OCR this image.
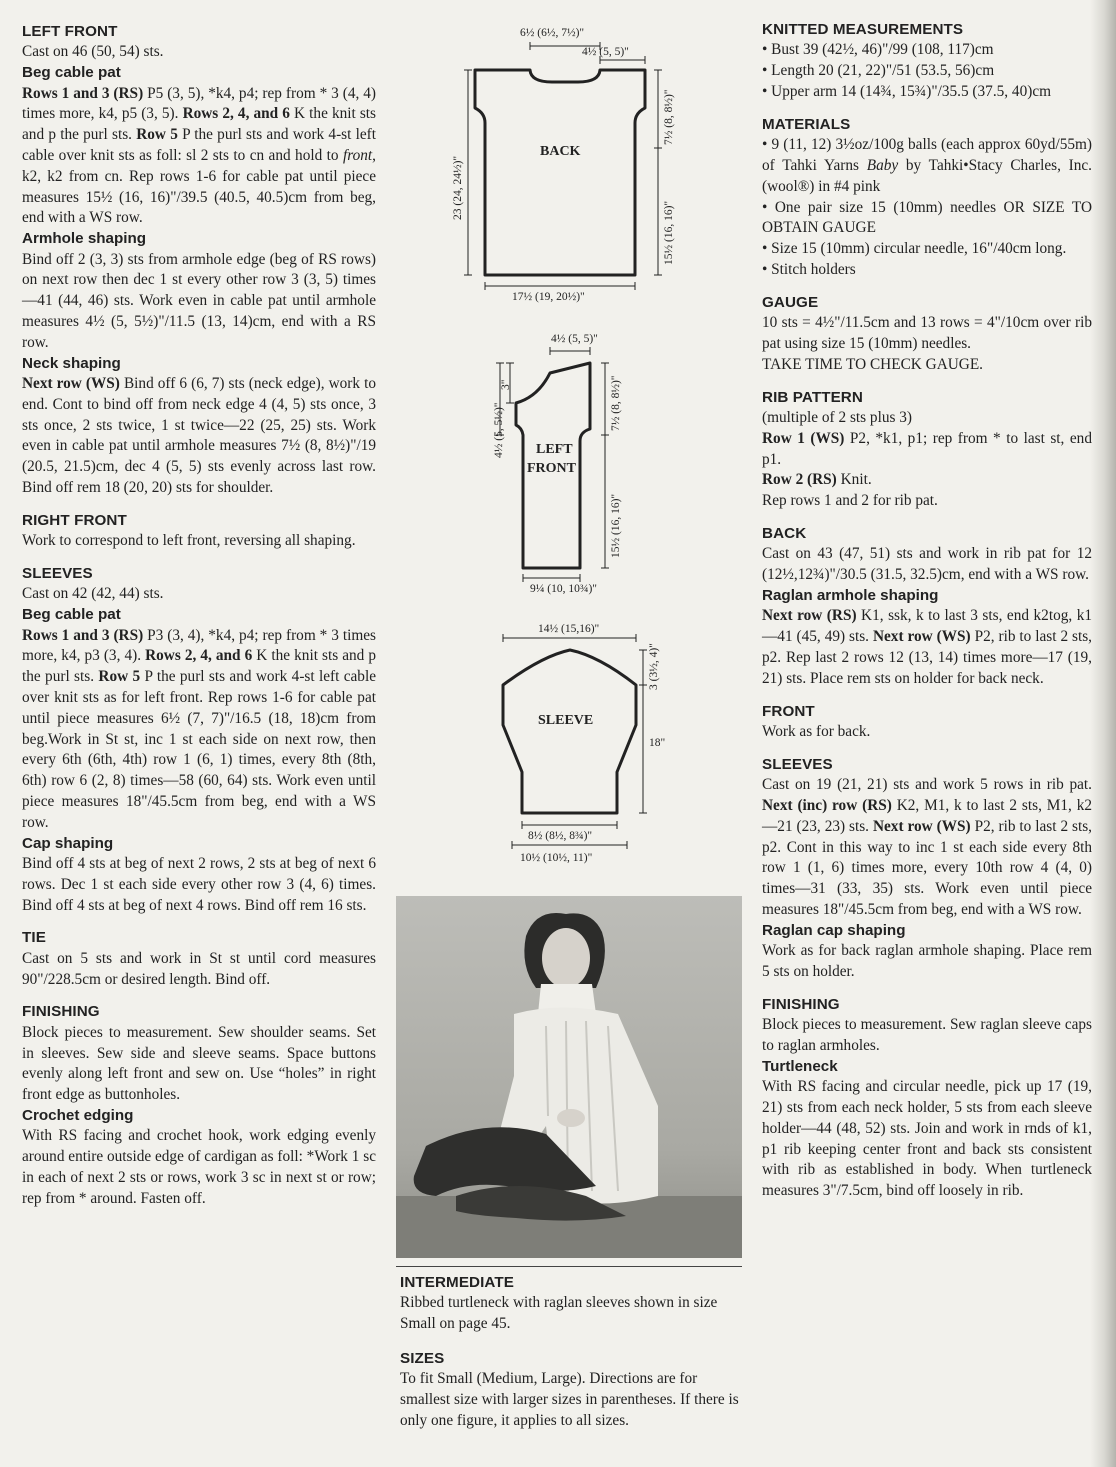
LEFT FRONT

Cast on 46 (50, 54) sts.

Beg cable pat

Rows 1 and 3 (RS) P5 (3, 5), *k4, p4; rep from * 3 (4, 4) times more, k4, p5 (3, 5). Rows 2, 4, and 6 K the knit sts and p the purl sts. Row 5 P the purl sts and work 4-st left cable over knit sts as foll: sl 2 sts to cn and hold to front, k2, k2 from cn. Rep rows 1-6 for cable pat until piece measures 15½ (16, 16)"/39.5 (40.5, 40.5)cm from beg, end with a WS row.

Armhole shaping

Bind off 2 (3, 3) sts from armhole edge (beg of RS rows) on next row then dec 1 st every other row 3 (3, 5) times—41 (44, 46) sts. Work even in cable pat until armhole measures 4½ (5, 5½)"/11.5 (13, 14)cm, end with a RS row.

Neck shaping

Next row (WS) Bind off 6 (6, 7) sts (neck edge), work to end. Cont to bind off from neck edge 4 (4, 5) sts once, 3 sts once, 2 sts twice, 1 st twice—22 (25, 25) sts. Work even in cable pat until armhole measures 7½ (8, 8½)"/19 (20.5, 21.5)cm, dec 4 (5, 5) sts evenly across last row. Bind off rem 18 (20, 20) sts for shoulder.

RIGHT FRONT

Work to correspond to left front, reversing all shaping.

SLEEVES

Cast on 42 (42, 44) sts.

Beg cable pat

Rows 1 and 3 (RS) P3 (3, 4), *k4, p4; rep from * 3 times more, k4, p3 (3, 4). Rows 2, 4, and 6 K the knit sts and p the purl sts. Row 5 P the purl sts and work 4-st left cable over knit sts as for left front. Rep rows 1-6 for cable pat until piece measures 6½ (7, 7)"/16.5 (18, 18)cm from beg.Work in St st, inc 1 st each side on next row, then every 6th (6th, 4th) row 1 (6, 1) times, every 8th (8th, 6th) row 6 (2, 8) times—58 (60, 64) sts. Work even until piece measures 18"/45.5cm from beg, end with a WS row.

Cap shaping

Bind off 4 sts at beg of next 2 rows, 2 sts at beg of next 6 rows. Dec 1 st each side every other row 3 (4, 6) times. Bind off 4 sts at beg of next 4 rows. Bind off rem 16 sts.

TIE

Cast on 5 sts and work in St st until cord measures 90"/228.5cm or desired length. Bind off.

FINISHING

Block pieces to measurement. Sew shoulder seams. Set in sleeves. Sew side and sleeve seams. Space buttons evenly along left front and sew on. Use “holes” in right front edge as buttonholes.

Crochet edging

With RS facing and crochet hook, work edging evenly around entire outside edge of cardigan as foll: *Work 1 sc in each of next 2 sts or rows, work 3 sc in next st or row; rep from * around. Fasten off.

BACK
6½ (6½, 7½)"
4½ (5, 5)"
23 (24, 24½)"
7½ (8, 8½)"
15½ (16, 16)"
17½ (19, 20½)"
LEFT
FRONT
4½ (5, 5)"
3"
4½ (5, 5½)"	7½ (8, 8½)"
15½ (16, 16)"
9¼ (10, 10¾)"
SLEEVE
14½ (15,16)"
3 (3½, 4)"
18"
8½ (8½, 8¾)"
10½ (10½, 11)"
INTERMEDIATE

Ribbed turtleneck with raglan sleeves shown in size Small on page 45.

SIZES

To fit Small (Medium, Large). Directions are for smallest size with larger sizes in parentheses. If there is only one figure, it applies to all sizes.

KNITTED MEASUREMENTS

• Bust 39 (42½, 46)"/99 (108, 117)cm

• Length 20 (21, 22)"/51 (53.5, 56)cm

• Upper arm 14 (14¾, 15¾)"/35.5 (37.5, 40)cm

MATERIALS

• 9 (11, 12) 3½oz/100g balls (each approx 60yd/55m) of Tahki Yarns Baby by Tahki•Stacy Charles, Inc. (wool®) in #4 pink

• One pair size 15 (10mm) needles OR SIZE TO OBTAIN GAUGE

• Size 15 (10mm) circular needle, 16"/40cm long.

• Stitch holders

GAUGE

10 sts = 4½"/11.5cm and 13 rows = 4"/10cm over rib pat using size 15 (10mm) needles.

TAKE TIME TO CHECK GAUGE.

RIB PATTERN

(multiple of 2 sts plus 3)

Row 1 (WS) P2, *k1, p1; rep from * to last st, end p1.

Row 2 (RS) Knit.

Rep rows 1 and 2 for rib pat.

BACK

Cast on 43 (47, 51) sts and work in rib pat for 12 (12½,12¾)"/30.5 (31.5, 32.5)cm, end with a WS row.

Raglan armhole shaping

Next row (RS) K1, ssk, k to last 3 sts, end k2tog, k1—41 (45, 49) sts. Next row (WS) P2, rib to last 2 sts, p2. Rep last 2 rows 12 (13, 14) times more—17 (19, 21) sts. Place rem sts on holder for back neck.

FRONT

Work as for back.

SLEEVES

Cast on 19 (21, 21) sts and work 5 rows in rib pat. Next (inc) row (RS) K2, M1, k to last 2 sts, M1, k2—21 (23, 23) sts. Next row (WS) P2, rib to last 2 sts, p2. Cont in this way to inc 1 st each side every 8th row 1 (1, 6) times more, every 10th row 4 (4, 0) times—31 (33, 35) sts. Work even until piece measures 18"/45.5cm from beg, end with a WS row.

Raglan cap shaping

Work as for back raglan armhole shaping. Place rem 5 sts on holder.

FINISHING

Block pieces to measurement. Sew raglan sleeve caps to raglan armholes.

Turtleneck

With RS facing and circular needle, pick up 17 (19, 21) sts from each neck holder, 5 sts from each sleeve holder—44 (48, 52) sts. Join and work in rnds of k1, p1 rib keeping center front and back sts consistent with rib as established in body. When turtleneck measures 3"/7.5cm, bind off loosely in rib.
